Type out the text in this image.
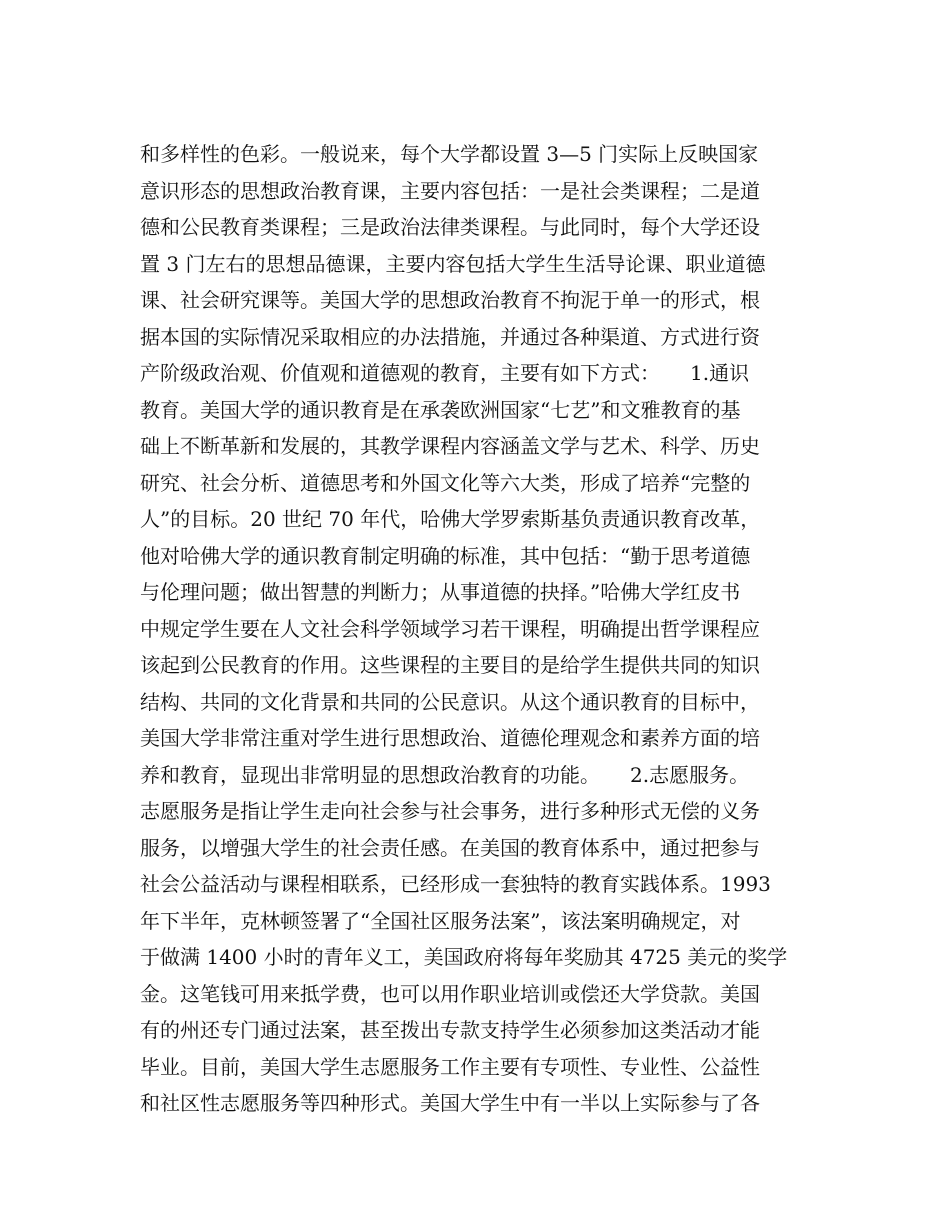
和多样性的色彩。一般说来，每个大学都设置 3—5 门实际上反映国家
意识形态的思想政治教育课，主要内容包括：一是社会类课程；二是道
德和公民教育类课程；三是政治法律类课程。与此同时，每个大学还设
置 3 门左右的思想品德课，主要内容包括大学生生活导论课、职业道德
课、社会研究课等。美国大学的思想政治教育不拘泥于单一的形式，根
据本国的实际情况采取相应的办法措施，并通过各种渠道、方式进行资
产阶级政治观、价值观和道德观的教育，主要有如下方式：　　1.通识
教育。美国大学的通识教育是在承袭欧洲国家“七艺”和文雅教育的基
础上不断革新和发展的，其教学课程内容涵盖文学与艺术、科学、历史
研究、社会分析、道德思考和外国文化等六大类，形成了培养“完整的
人”的目标。20 世纪 70 年代，哈佛大学罗索斯基负责通识教育改革，
他对哈佛大学的通识教育制定明确的标准，其中包括：“勤于思考道德
与伦理问题；做出智慧的判断力；从事道德的抉择。”哈佛大学红皮书
中规定学生要在人文社会科学领域学习若干课程，明确提出哲学课程应
该起到公民教育的作用。这些课程的主要目的是给学生提供共同的知识
结构、共同的文化背景和共同的公民意识。从这个通识教育的目标中，
美国大学非常注重对学生进行思想政治、道德伦理观念和素养方面的培
养和教育，显现出非常明显的思想政治教育的功能。　　2.志愿服务。
志愿服务是指让学生走向社会参与社会事务，进行多种形式无偿的义务
服务，以增强大学生的社会责任感。在美国的教育体系中，通过把参与
社会公益活动与课程相联系，已经形成一套独特的教育实践体系。1993
年下半年，克林顿签署了“全国社区服务法案”，该法案明确规定，对
于做满 1400 小时的青年义工，美国政府将每年奖励其 4725 美元的奖学
金。这笔钱可用来抵学费，也可以用作职业培训或偿还大学贷款。美国
有的州还专门通过法案，甚至拨出专款支持学生必须参加这类活动才能
毕业。目前，美国大学生志愿服务工作主要有专项性、专业性、公益性
和社区性志愿服务等四种形式。美国大学生中有一半以上实际参与了各
